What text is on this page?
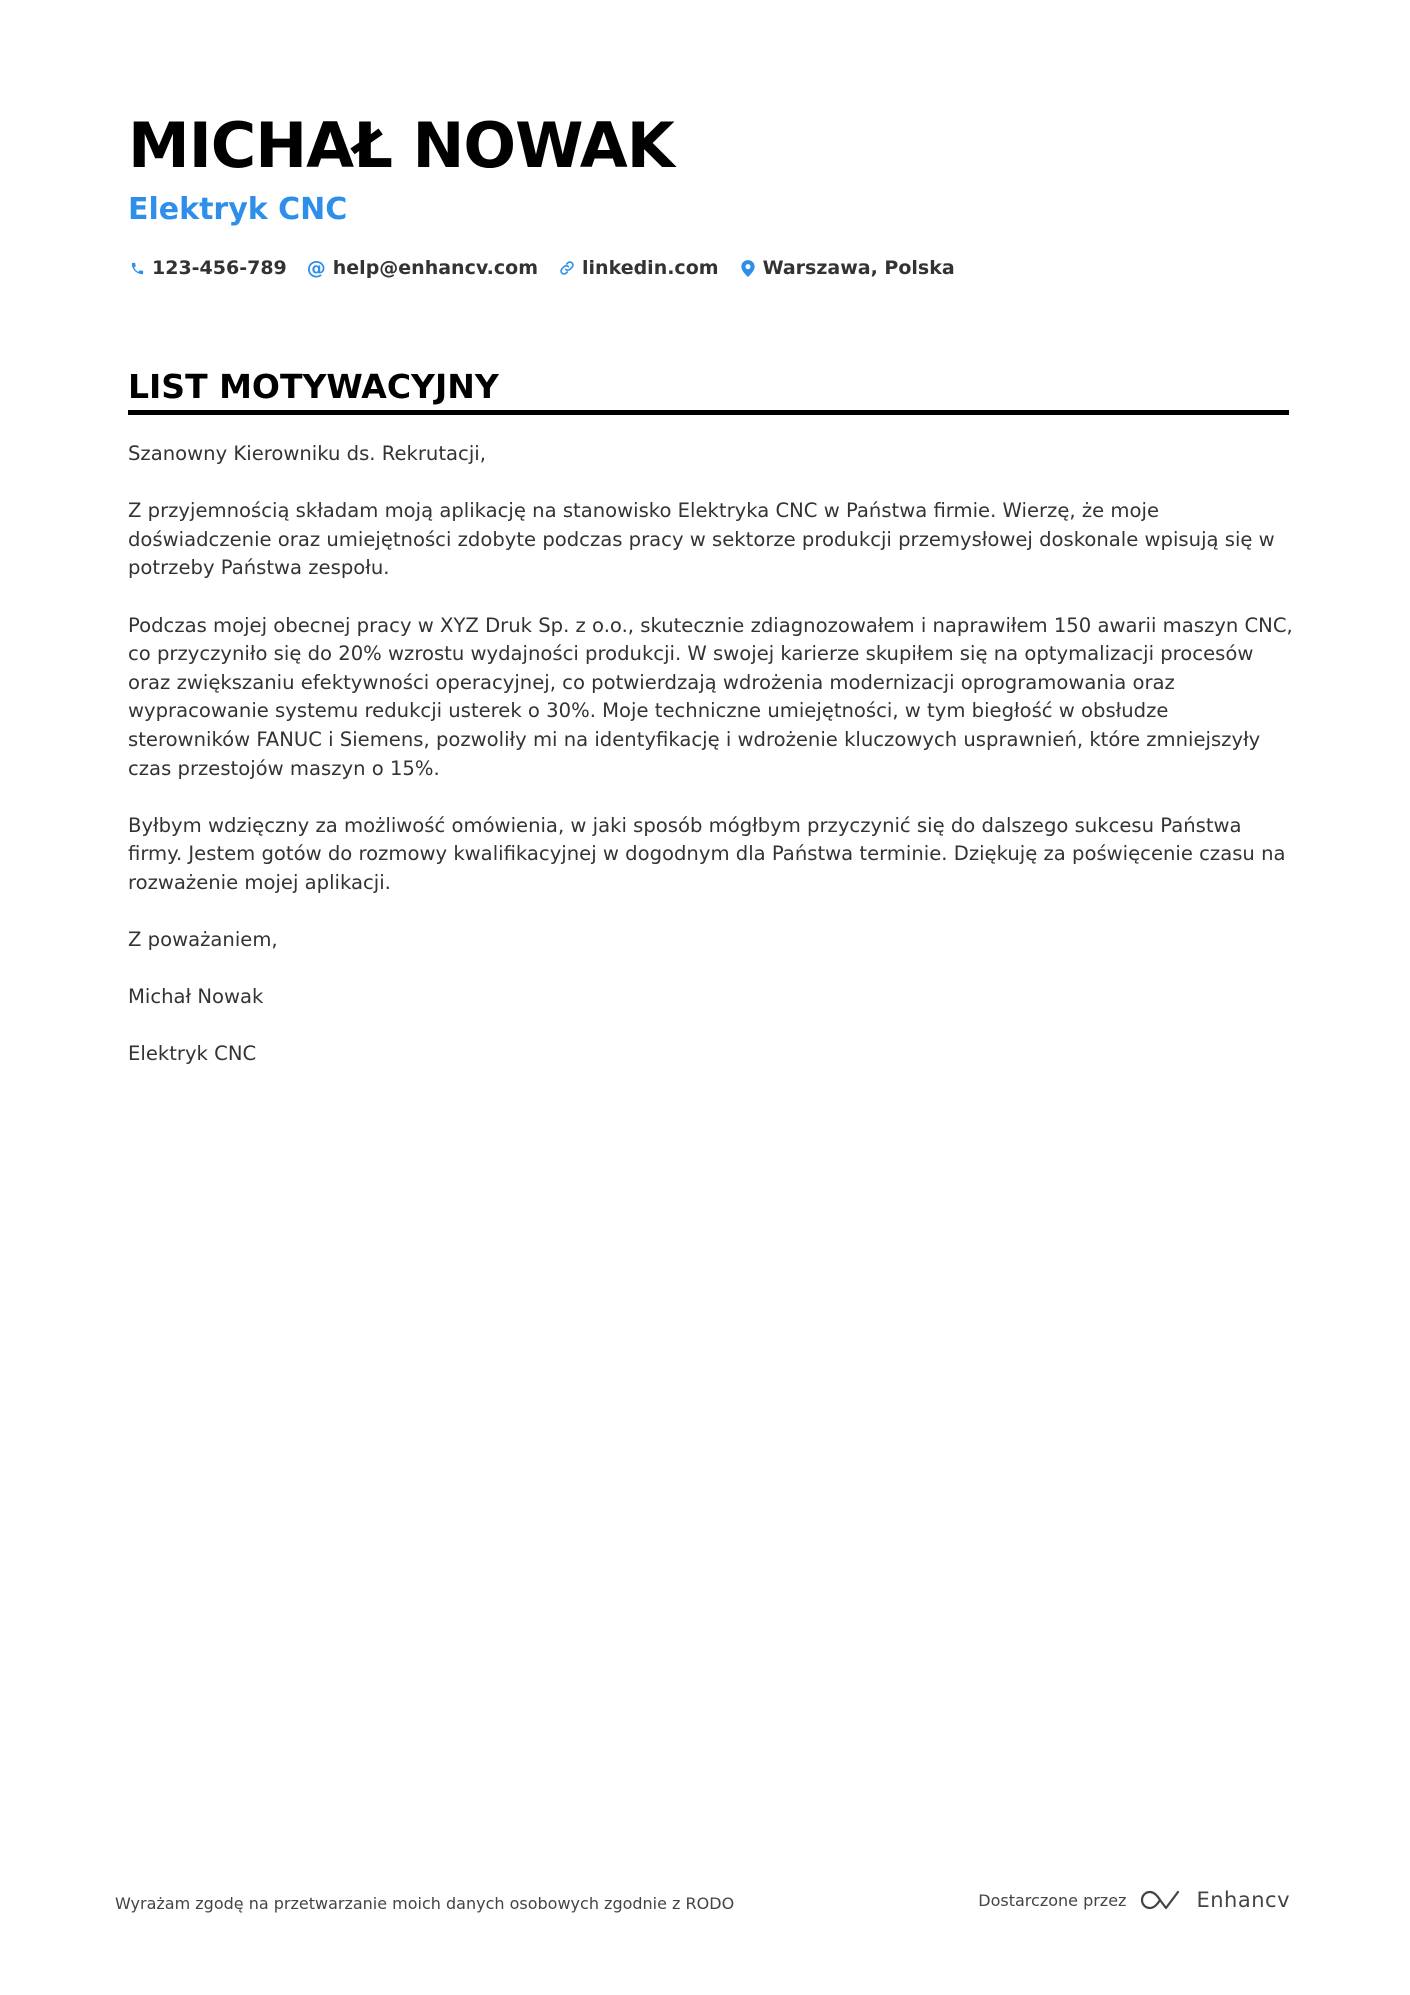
MICHAŁ NOWAK
Elektryk CNC
123-456-789 @ help@enhancv.com linkedin.com Warszawa, Polska
LIST MOTYWACYJNY

Szanowny Kierowniku ds. Rekrutacji,

Z przyjemnością składam moją aplikację na stanowisko Elektryka CNC w Państwa firmie. Wierzę, że moje doświadczenie oraz umiejętności zdobyte podczas pracy w sektorze produkcji przemysłowej doskonale wpisują się w potrzeby Państwa zespołu.

Podczas mojej obecnej pracy w XYZ Druk Sp. z o.o., skutecznie zdiagnozowałem i naprawiłem 150 awarii maszyn CNC, co przyczyniło się do 20% wzrostu wydajności produkcji. W swojej karierze skupiłem się na optymalizacji procesów oraz zwiększaniu efektywności operacyjnej, co potwierdzają wdrożenia modernizacji oprogramowania oraz wypracowanie systemu redukcji usterek o 30%. Moje techniczne umiejętności, w tym biegłość w obsłudze sterowników FANUC i Siemens, pozwoliły mi na identyfikację i wdrożenie kluczowych usprawnień, które zmniejszyły czas przestojów maszyn o 15%.

Byłbym wdzięczny za możliwość omówienia, w jaki sposób mógłbym przyczynić się do dalszego sukcesu Państwa firmy. Jestem gotów do rozmowy kwalifikacyjnej w dogodnym dla Państwa terminie. Dziękuję za poświęcenie czasu na rozważenie mojej aplikacji.

Z poważaniem,

Michał Nowak

Elektryk CNC

Wyrażam zgodę na przetwarzanie moich danych osobowych zgodnie z RODO	Dostarczone przez	Enhancv
